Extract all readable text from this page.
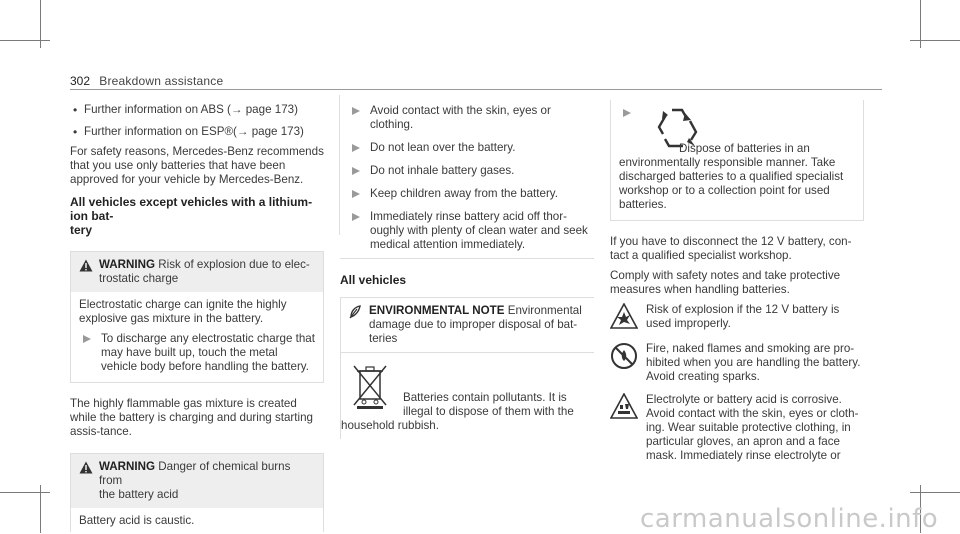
302 Breakdown assistance

• Further information on ABS (→ page 173)

• Further information on ESP®(→ page 173)

For safety reasons, Mercedes-Benz recommends that you use only batteries that have been approved for your vehicle by Mercedes-Benz.

All vehicles except vehicles with a lithium-ion bat-
tery
WARNING Risk of explosion due to elec-
trostatic charge

Electrostatic charge can ignite the highly explosive gas mixture in the battery.

To discharge any electrostatic charge that may have built up, touch the metal vehicle body before handling the battery.

The highly flammable gas mixture is created while the battery is charging and during starting assis-tance.

WARNING Danger of chemical burns from
the battery acid

Battery acid is caustic.

Avoid contact with the skin, eyes or clothing.

Do not lean over the battery.

Do not inhale battery gases.

Keep children away from the battery.

Immediately rinse battery acid off thor-oughly with plenty of clean water and seek medical attention immediately.

All vehicles
ENVIRONMENTAL NOTE Environmental
damage due to improper disposal of bat-
teries

Batteries contain pollutants. It is illegal to dispose of them with the household rubbish.

Dispose of batteries in an environmentally responsible manner. Take discharged batteries to a qualified specialist workshop or to a collection point for used batteries.

If you have to disconnect the 12 V battery, con-tact a qualified specialist workshop.

Comply with safety notes and take protective measures when handling batteries.

Risk of explosion if the 12 V battery is used improperly.

Fire, naked flames and smoking are pro-hibited when you are handling the battery. Avoid creating sparks.

Electrolyte or battery acid is corrosive. Avoid contact with the skin, eyes or cloth-ing. Wear suitable protective clothing, in particular gloves, an apron and a face mask. Immediately rinse electrolyte or

carmanualsonline.info
